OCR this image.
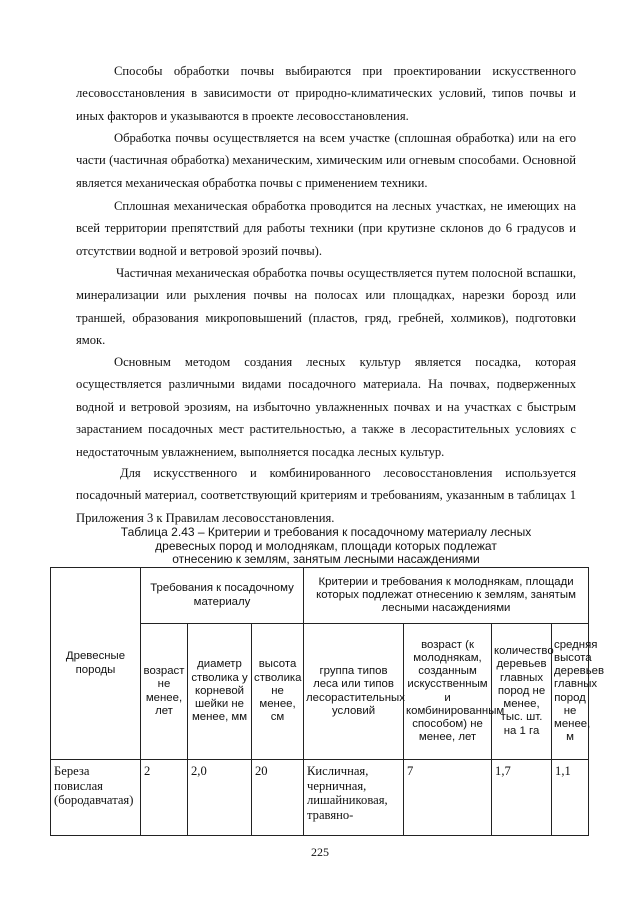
Способы обработки почвы выбираются при проектировании искусственного лесовосстановления в зависимости от природно-климатических условий, типов почвы и иных факторов и указываются в проекте лесовосстановления.

Обработка почвы осуществляется на всем участке (сплошная обработка) или на его части (частичная обработка) механическим, химическим или огневым способами. Основной является механическая обработка почвы с применением техники.

Сплошная механическая обработка проводится на лесных участках, не имеющих на всей территории препятствий для работы техники (при крутизне склонов до 6 градусов и отсутствии водной и ветровой эрозий почвы).

Частичная механическая обработка почвы осуществляется путем полосной вспашки, минерализации или рыхления почвы на полосах или площадках, нарезки борозд или траншей, образования микроповышений (пластов, гряд, гребней, холмиков), подготовки ямок.

Основным методом создания лесных культур является посадка, которая осуществляется различными видами посадочного материала. На почвах, подверженных водной и ветровой эрозиям, на избыточно увлажненных почвах и на участках с быстрым зарастанием посадочных мест растительностью, а также в лесорастительных условиях с недостаточным увлажнением, выполняется посадка лесных культур.

Для искусственного и комбинированного лесовосстановления используется посадочный материал, соответствующий критериям и требованиям, указанным в таблицах 1 Приложения 3 к Правилам лесовосстановления.

Таблица 2.43 – Критерии и требования к посадочному материалу лесных
древесных пород и молоднякам, площади которых подлежат
отнесению к землям, занятым лесными насаждениями
Древесные породы	Требования к посадочному материалу			Критерии и требования к молоднякам, площади которых подлежат отнесению к землям, занятым лесными насаждениями			
	возраст не менее, лет	диаметр стволика у корневой шейки не менее, мм	высота стволика не менее, см	группа типов леса или типов лесорастительных условий	возраст (к молоднякам, созданным искусственным и комбинированным способом) не менее, лет	количество деревьев главных пород не менее, тыс. шт. на 1 га	средняя высота деревьев главных пород не менее, м
Береза повислая (бородавчатая)	2	2,0	20	Кисличная, черничная, лишайниковая, травяно-	7	1,7	1,1
225
